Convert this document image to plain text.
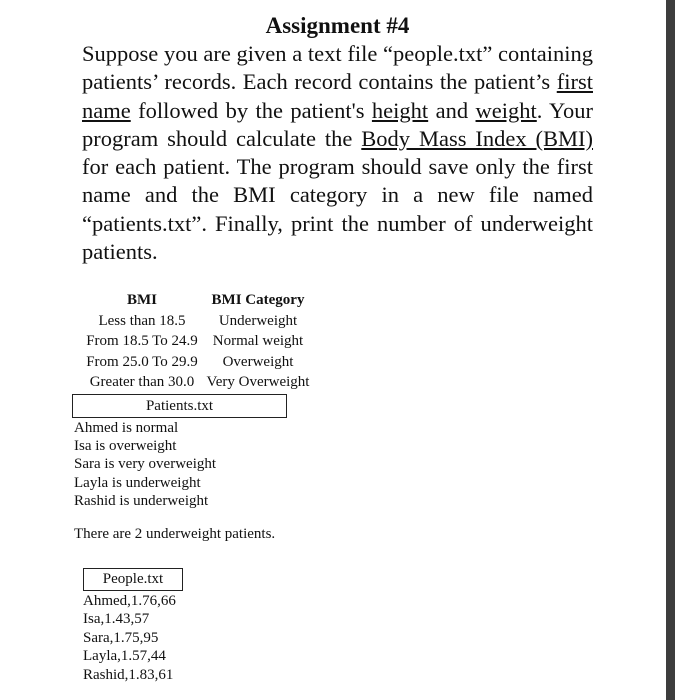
Assignment #4
Suppose you are given a text file “people.txt” containing patients’ records. Each record contains the patient’s first name followed by the patient's height and weight. Your program should calculate the Body Mass Index (BMI) for each patient. The program should save only the first name and the BMI category in a new file named “patients.txt”. Finally, print the number of underweight patients.
BMI	BMI Category
Less than 18.5	Underweight
From 18.5 To 24.9	Normal weight
From 25.0 To 29.9	Overweight
Greater than 30.0	Very Overweight
Patients.txt
Ahmed is normal
Isa is overweight
Sara is very overweight
Layla is underweight
Rashid is underweight
There are 2 underweight patients.
People.txt
Ahmed,1.76,66
Isa,1.43,57
Sara,1.75,95
Layla,1.57,44
Rashid,1.83,61
